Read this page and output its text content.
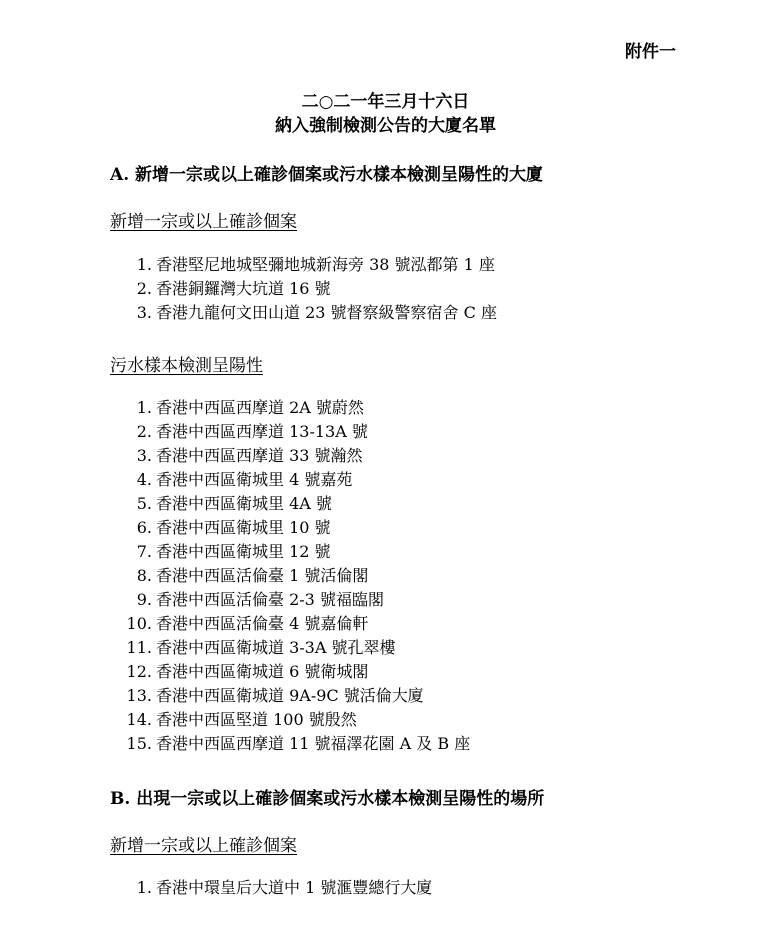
附件一
二○二一年三月十六日
納入強制檢測公告的大廈名單
A. 新增一宗或以上確診個案或污水樣本檢測呈陽性的大廈
新增一宗或以上確診個案
1. 香港堅尼地城堅彌地城新海旁 38 號泓都第 1 座
2. 香港銅鑼灣大坑道 16 號
3. 香港九龍何文田山道 23 號督察級警察宿舍 C 座
污水樣本檢測呈陽性
1. 香港中西區西摩道 2A 號蔚然
2. 香港中西區西摩道 13-13A 號
3. 香港中西區西摩道 33 號瀚然
4. 香港中西區衛城里 4 號嘉苑
5. 香港中西區衛城里 4A 號
6. 香港中西區衛城里 10 號
7. 香港中西區衛城里 12 號
8. 香港中西區活倫臺 1 號活倫閣
9. 香港中西區活倫臺 2-3 號福臨閣
10. 香港中西區活倫臺 4 號嘉倫軒
11. 香港中西區衛城道 3-3A 號孔翠樓
12. 香港中西區衛城道 6 號衛城閣
13. 香港中西區衛城道 9A-9C 號活倫大廈
14. 香港中西區堅道 100 號殷然
15. 香港中西區西摩道 11 號福澤花園 A 及 B 座
B. 出現一宗或以上確診個案或污水樣本檢測呈陽性的場所
新增一宗或以上確診個案
1. 香港中環皇后大道中 1 號滙豐總行大廈
